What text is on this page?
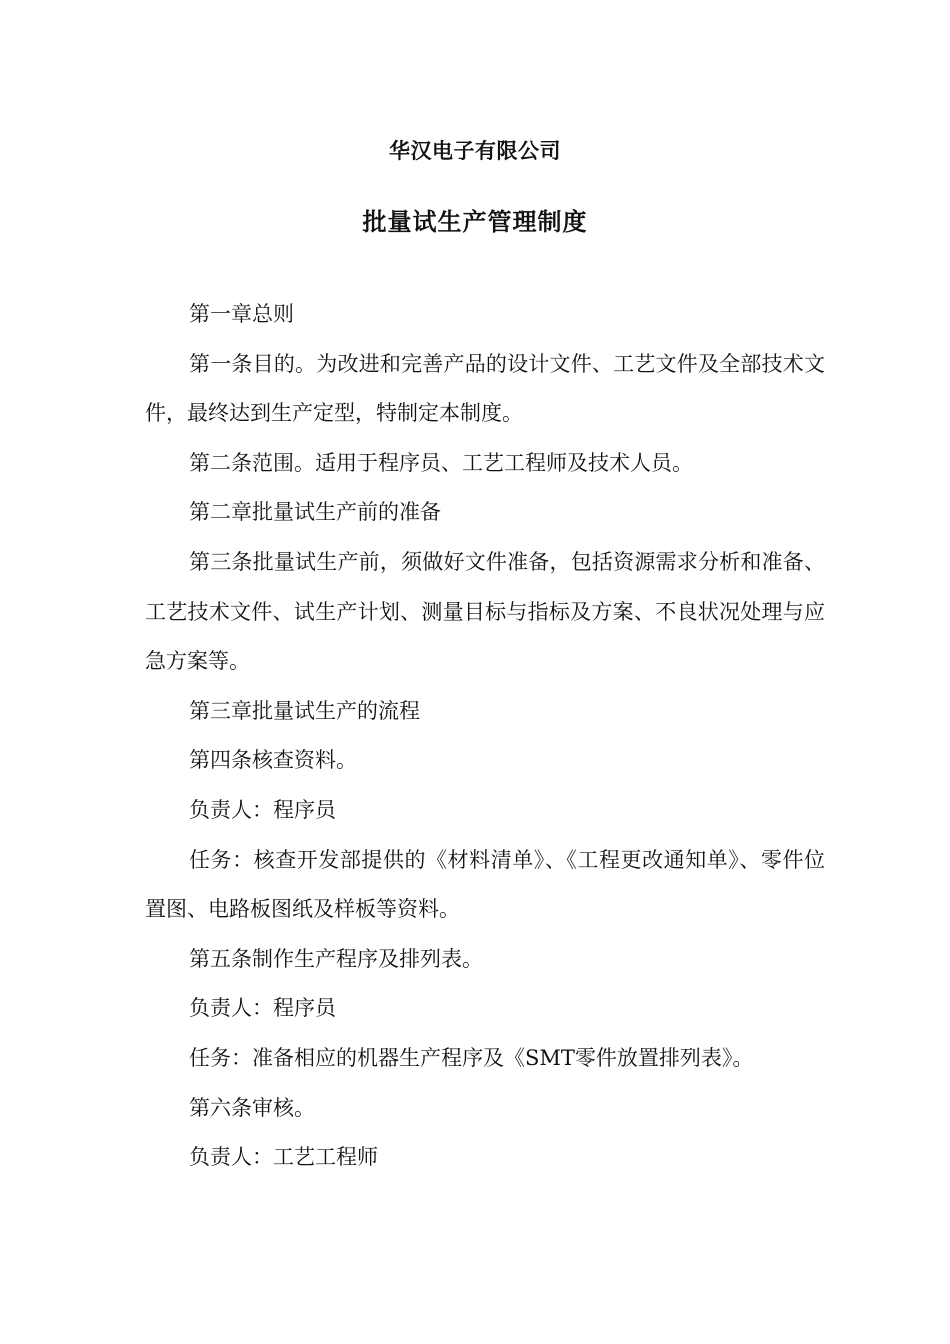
华汉电子有限公司
批量试生产管理制度

第一章总则

第一条目的。为改进和完善产品的设计文件、工艺文件及全部技术文件，最终达到生产定型，特制定本制度。

第二条范围。适用于程序员、工艺工程师及技术人员。

第二章批量试生产前的准备

第三条批量试生产前，须做好文件准备，包括资源需求分析和准备、工艺技术文件、试生产计划、测量目标与指标及方案、不良状况处理与应急方案等。

第三章批量试生产的流程

第四条核查资料。

负责人：程序员

任务：核查开发部提供的《材料清单》、《工程更改通知单》、零件位置图、电路板图纸及样板等资料。

第五条制作生产程序及排列表。

负责人：程序员

任务：准备相应的机器生产程序及《SMT零件放置排列表》。

第六条审核。

负责人：工艺工程师
